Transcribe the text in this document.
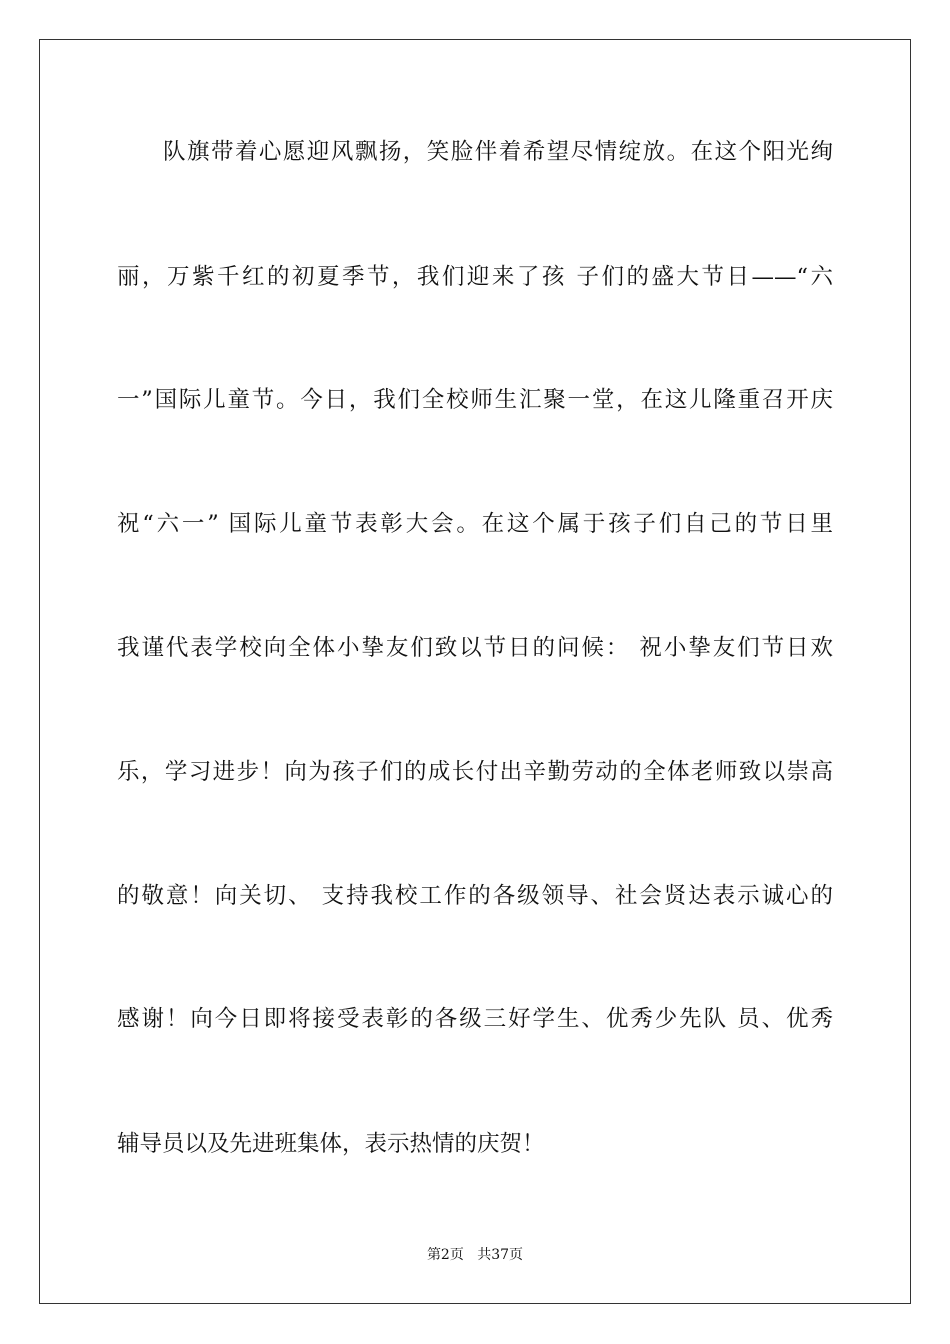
队旗带着心愿迎风飘扬，笑脸伴着希望尽情绽放。在这个阳光绚
丽，万紫千红的初夏季节，我们迎来了孩 子们的盛大节日——“六
一”国际儿童节。今日，我们全校师生汇聚一堂，在这儿隆重召开庆
祝“六一” 国际儿童节表彰大会。在这个属于孩子们自己的节日里
我谨代表学校向全体小挚友们致以节日的问候： 祝小挚友们节日欢
乐，学习进步！向为孩子们的成长付出辛勤劳动的全体老师致以崇高
的敬意！向关切、 支持我校工作的各级领导、社会贤达表示诚心的
感谢！向今日即将接受表彰的各级三好学生、优秀少先队 员、优秀
辅导员以及先进班集体，表示热情的庆贺！
第2页 共37页
